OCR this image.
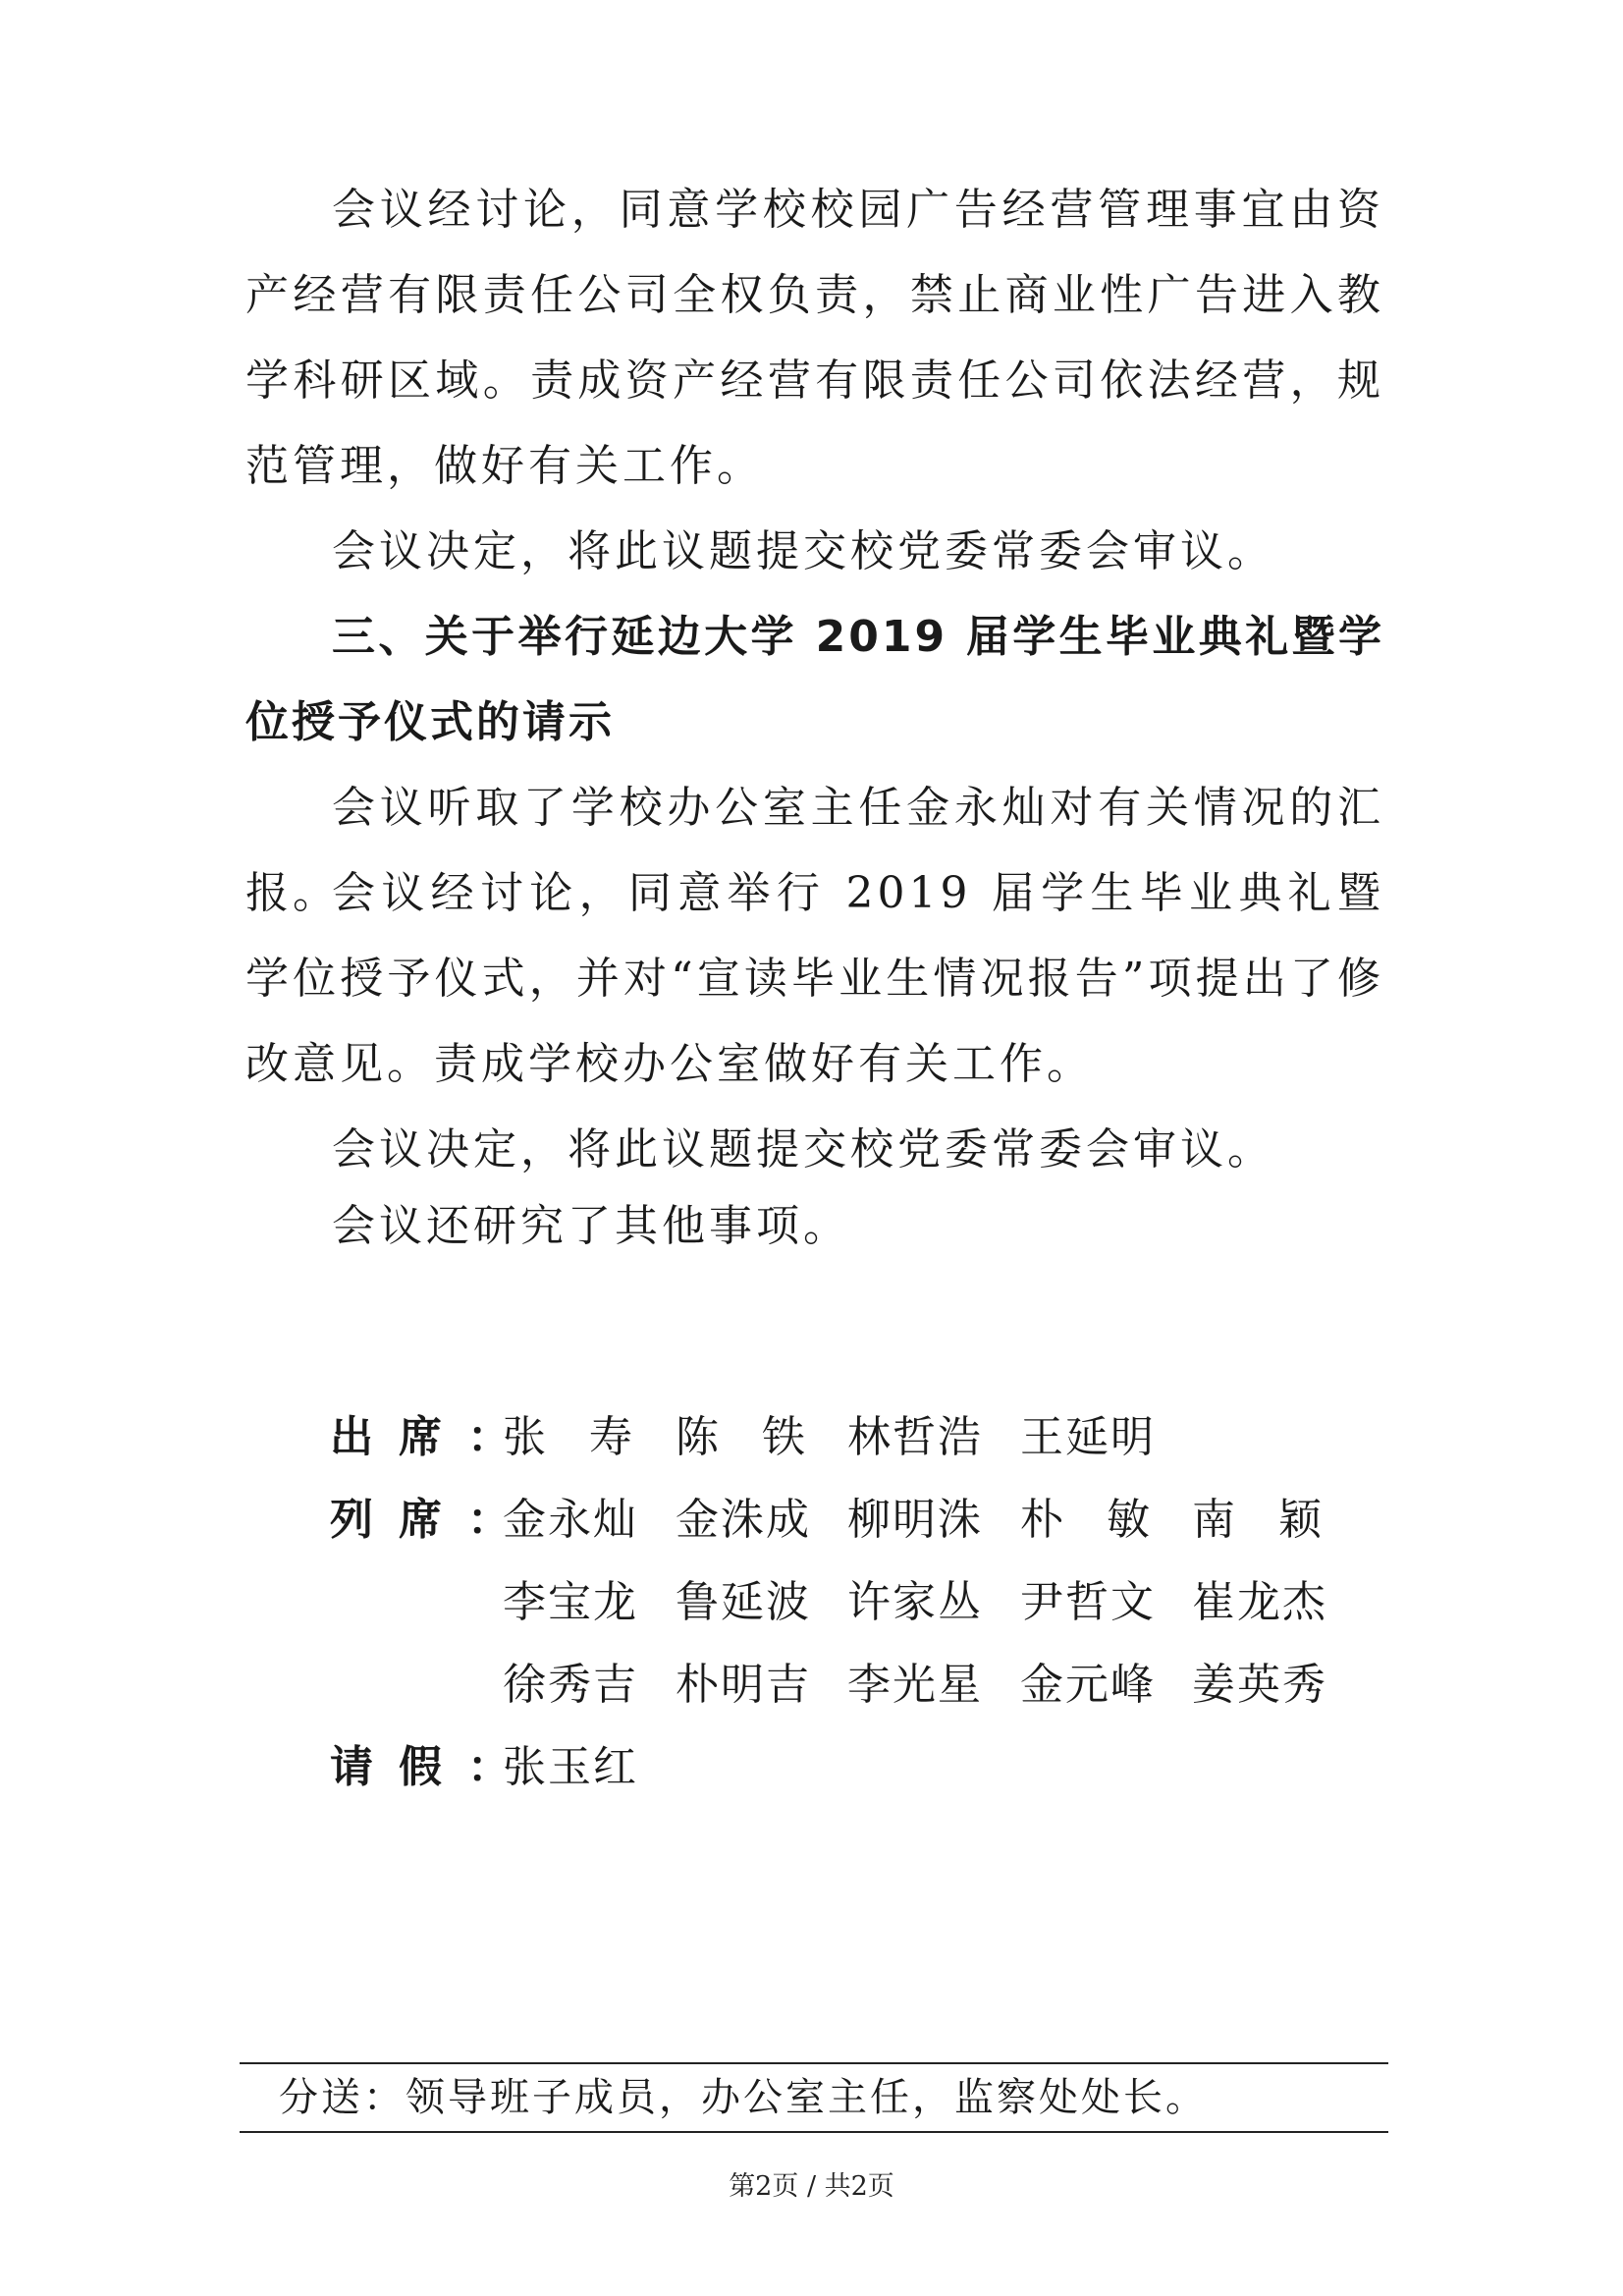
会议经讨论，同意学校校园广告经营管理事宜由资产经营有限责任公司全权负责，禁止商业性广告进入教学科研区域。责成资产经营有限责任公司依法经营，规范管理，做好有关工作。

会议决定，将此议题提交校党委常委会审议。

三、关于举行延边大学 2019 届学生毕业典礼暨学位授予仪式的请示

会议听取了学校办公室主任金永灿对有关情况的汇报。

会议经讨论，同意举行 2019 届学生毕业典礼暨学位授予仪式，并对“宣读毕业生情况报告”项提出了修改意见。责成学校办公室做好有关工作。

会议决定，将此议题提交校党委常委会审议。

会议还研究了其他事项。

出席：
张寿 陈铁 林哲浩 王延明
列席：
金永灿 金洙成 柳明洙 朴敏 南颖
李宝龙 鲁延波 许家丛 尹哲文 崔龙杰
徐秀吉 朴明吉 李光星 金元峰 姜英秀
请假：
张玉红
分送：领导班子成员，办公室主任，监察处处长。
第2页 / 共2页
